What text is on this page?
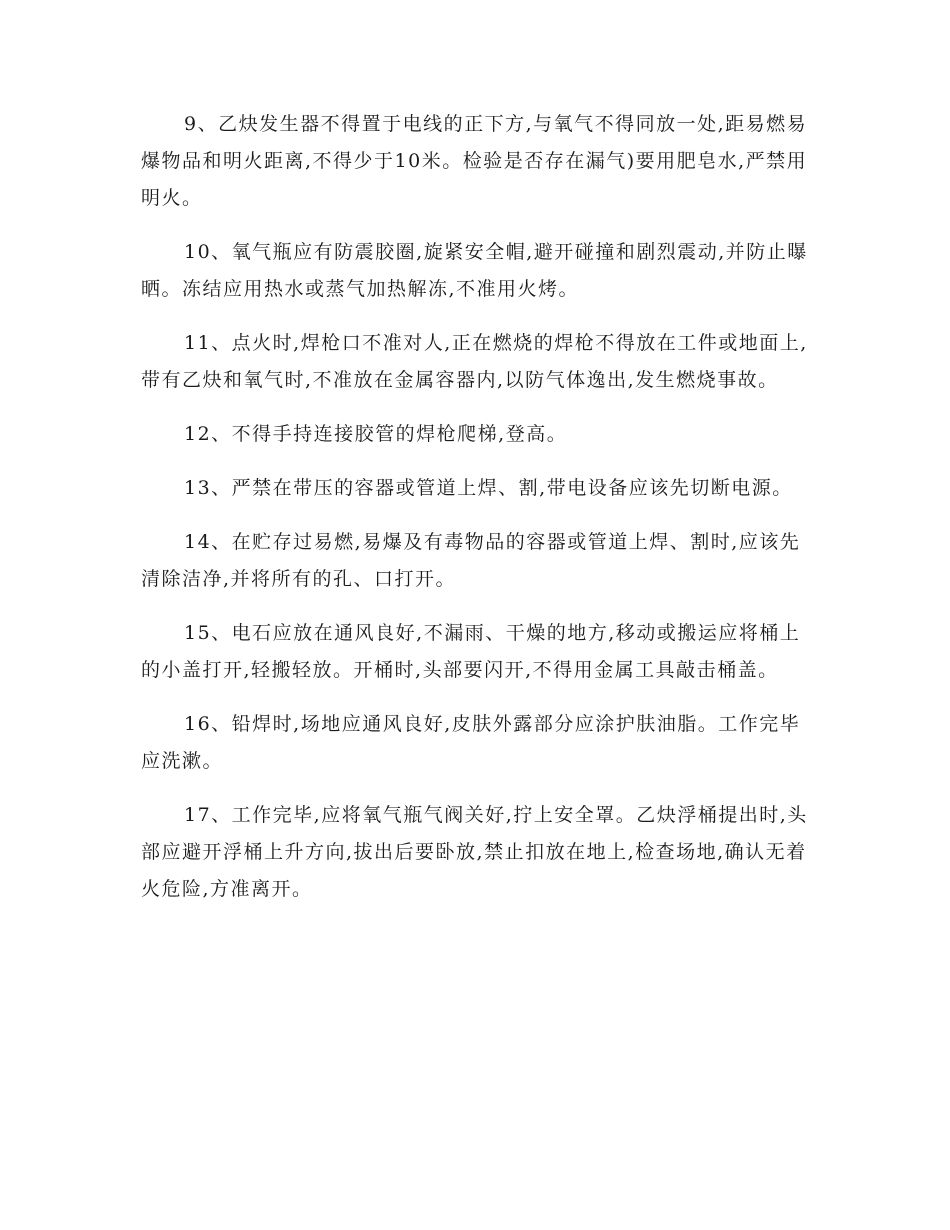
9、乙炔发生器不得置于电线的正下方,与氧气不得同放一处,距易燃易爆物品和明火距离,不得少于10米。检验是否存在漏气)要用肥皂水,严禁用明火。

10、氧气瓶应有防震胶圈,旋紧安全帽,避开碰撞和剧烈震动,并防止曝晒。冻结应用热水或蒸气加热解冻,不准用火烤。

11、点火时,焊枪口不准对人,正在燃烧的焊枪不得放在工件或地面上,带有乙炔和氧气时,不准放在金属容器内,以防气体逸出,发生燃烧事故。

12、不得手持连接胶管的焊枪爬梯,登高。

13、严禁在带压的容器或管道上焊、割,带电设备应该先切断电源。

14、在贮存过易燃,易爆及有毒物品的容器或管道上焊、割时,应该先清除洁净,并将所有的孔、口打开。

15、电石应放在通风良好,不漏雨、干燥的地方,移动或搬运应将桶上的小盖打开,轻搬轻放。开桶时,头部要闪开,不得用金属工具敲击桶盖。

16、铅焊时,场地应通风良好,皮肤外露部分应涂护肤油脂。工作完毕应洗漱。

17、工作完毕,应将氧气瓶气阀关好,拧上安全罩。乙炔浮桶提出时,头部应避开浮桶上升方向,拔出后要卧放,禁止扣放在地上,检查场地,确认无着火危险,方准离开。
